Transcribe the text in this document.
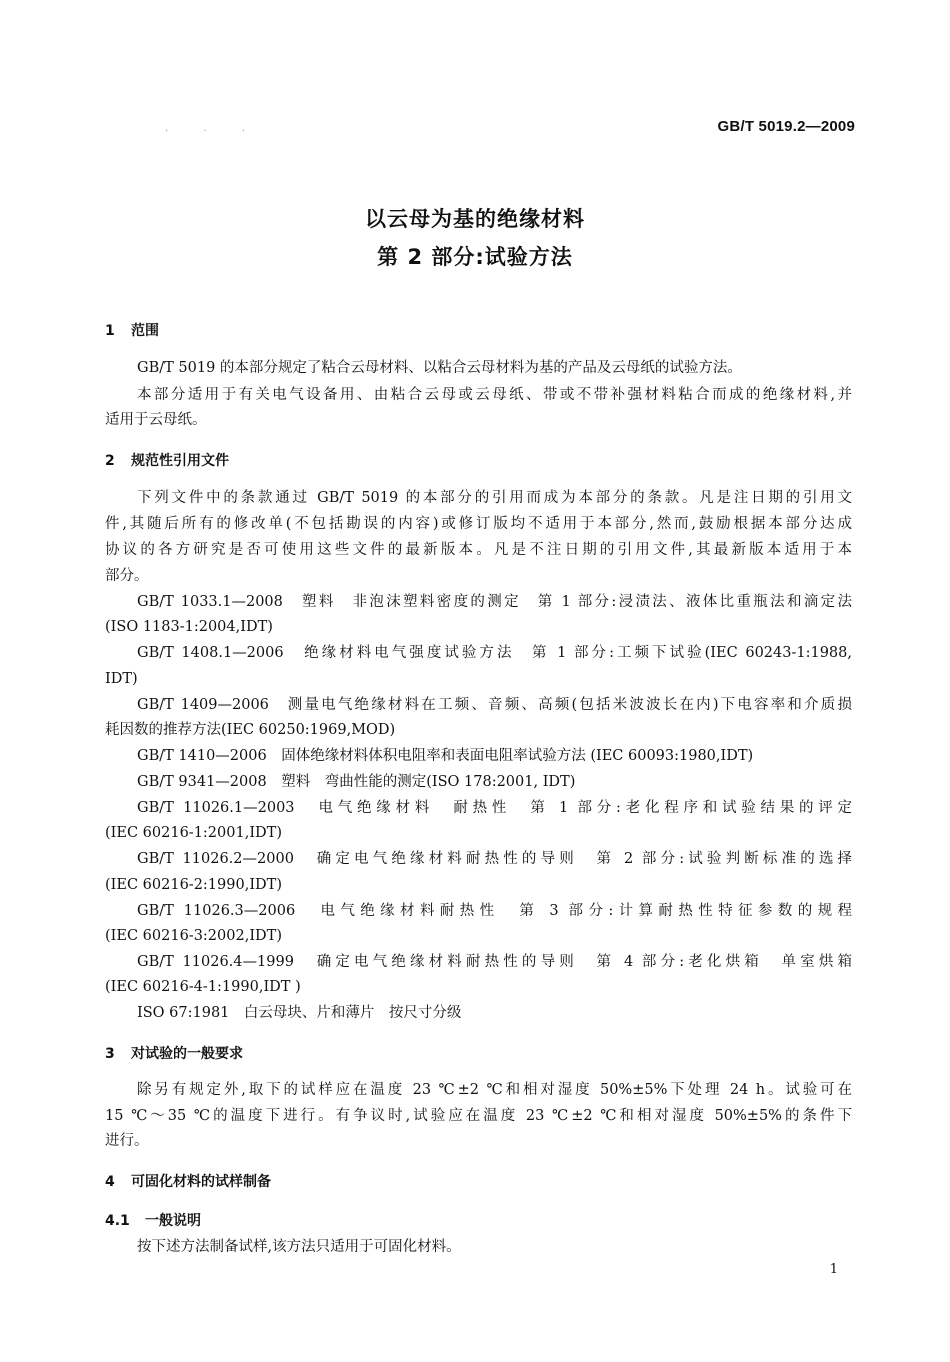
· · ·	GB/T 5019.2—2009
以云母为基的绝缘材料
第 2 部分:试验方法
1 范围
GB/T 5019 的本部分规定了粘合云母材料、以粘合云母材料为基的产品及云母纸的试验方法。
本部分适用于有关电气设备用、由粘合云母或云母纸、带或不带补强材料粘合而成的绝缘材料,并
适用于云母纸。
2 规范性引用文件
下列文件中的条款通过 GB/T 5019 的本部分的引用而成为本部分的条款。凡是注日期的引用文
件,其随后所有的修改单(不包括勘误的内容)或修订版均不适用于本部分,然而,鼓励根据本部分达成
协议的各方研究是否可使用这些文件的最新版本。凡是不注日期的引用文件,其最新版本适用于本
部分。
GB/T 1033.1—2008　塑料　非泡沫塑料密度的测定　第 1 部分:浸渍法、液体比重瓶法和滴定法
(ISO 1183-1:2004,IDT)
GB/T 1408.1—2006　绝缘材料电气强度试验方法　第 1 部分:工频下试验(IEC 60243-1:1988,
IDT)
GB/T 1409—2006　测量电气绝缘材料在工频、音频、高频(包括米波波长在内)下电容率和介质损
耗因数的推荐方法(IEC 60250:1969,MOD)
GB/T 1410—2006　固体绝缘材料体积电阻率和表面电阻率试验方法 (IEC 60093:1980,IDT)
GB/T 9341—2008　塑料　弯曲性能的测定(ISO 178:2001, IDT)
GB/T 11026.1—2003　电气绝缘材料　耐热性　第 1 部分:老化程序和试验结果的评定
(IEC 60216-1:2001,IDT)
GB/T 11026.2—2000　确定电气绝缘材料耐热性的导则　第 2 部分:试验判断标准的选择
(IEC 60216-2:1990,IDT)
GB/T 11026.3—2006　电气绝缘材料耐热性　第 3 部分:计算耐热性特征参数的规程
(IEC 60216-3:2002,IDT)
GB/T 11026.4—1999　确定电气绝缘材料耐热性的导则　第 4 部分:老化烘箱　单室烘箱
(IEC 60216-4-1:1990,IDT )
ISO 67:1981　白云母块、片和薄片　按尺寸分级
3 对试验的一般要求
除另有规定外,取下的试样应在温度 23 ℃±2 ℃和相对湿度 50%±5%下处理 24 h。试验可在
15 ℃～35 ℃的温度下进行。有争议时,试验应在温度 23 ℃±2 ℃和相对湿度 50%±5%的条件下
进行。
4 可固化材料的试样制备
4.1 一般说明
按下述方法制备试样,该方法只适用于可固化材料。
1
